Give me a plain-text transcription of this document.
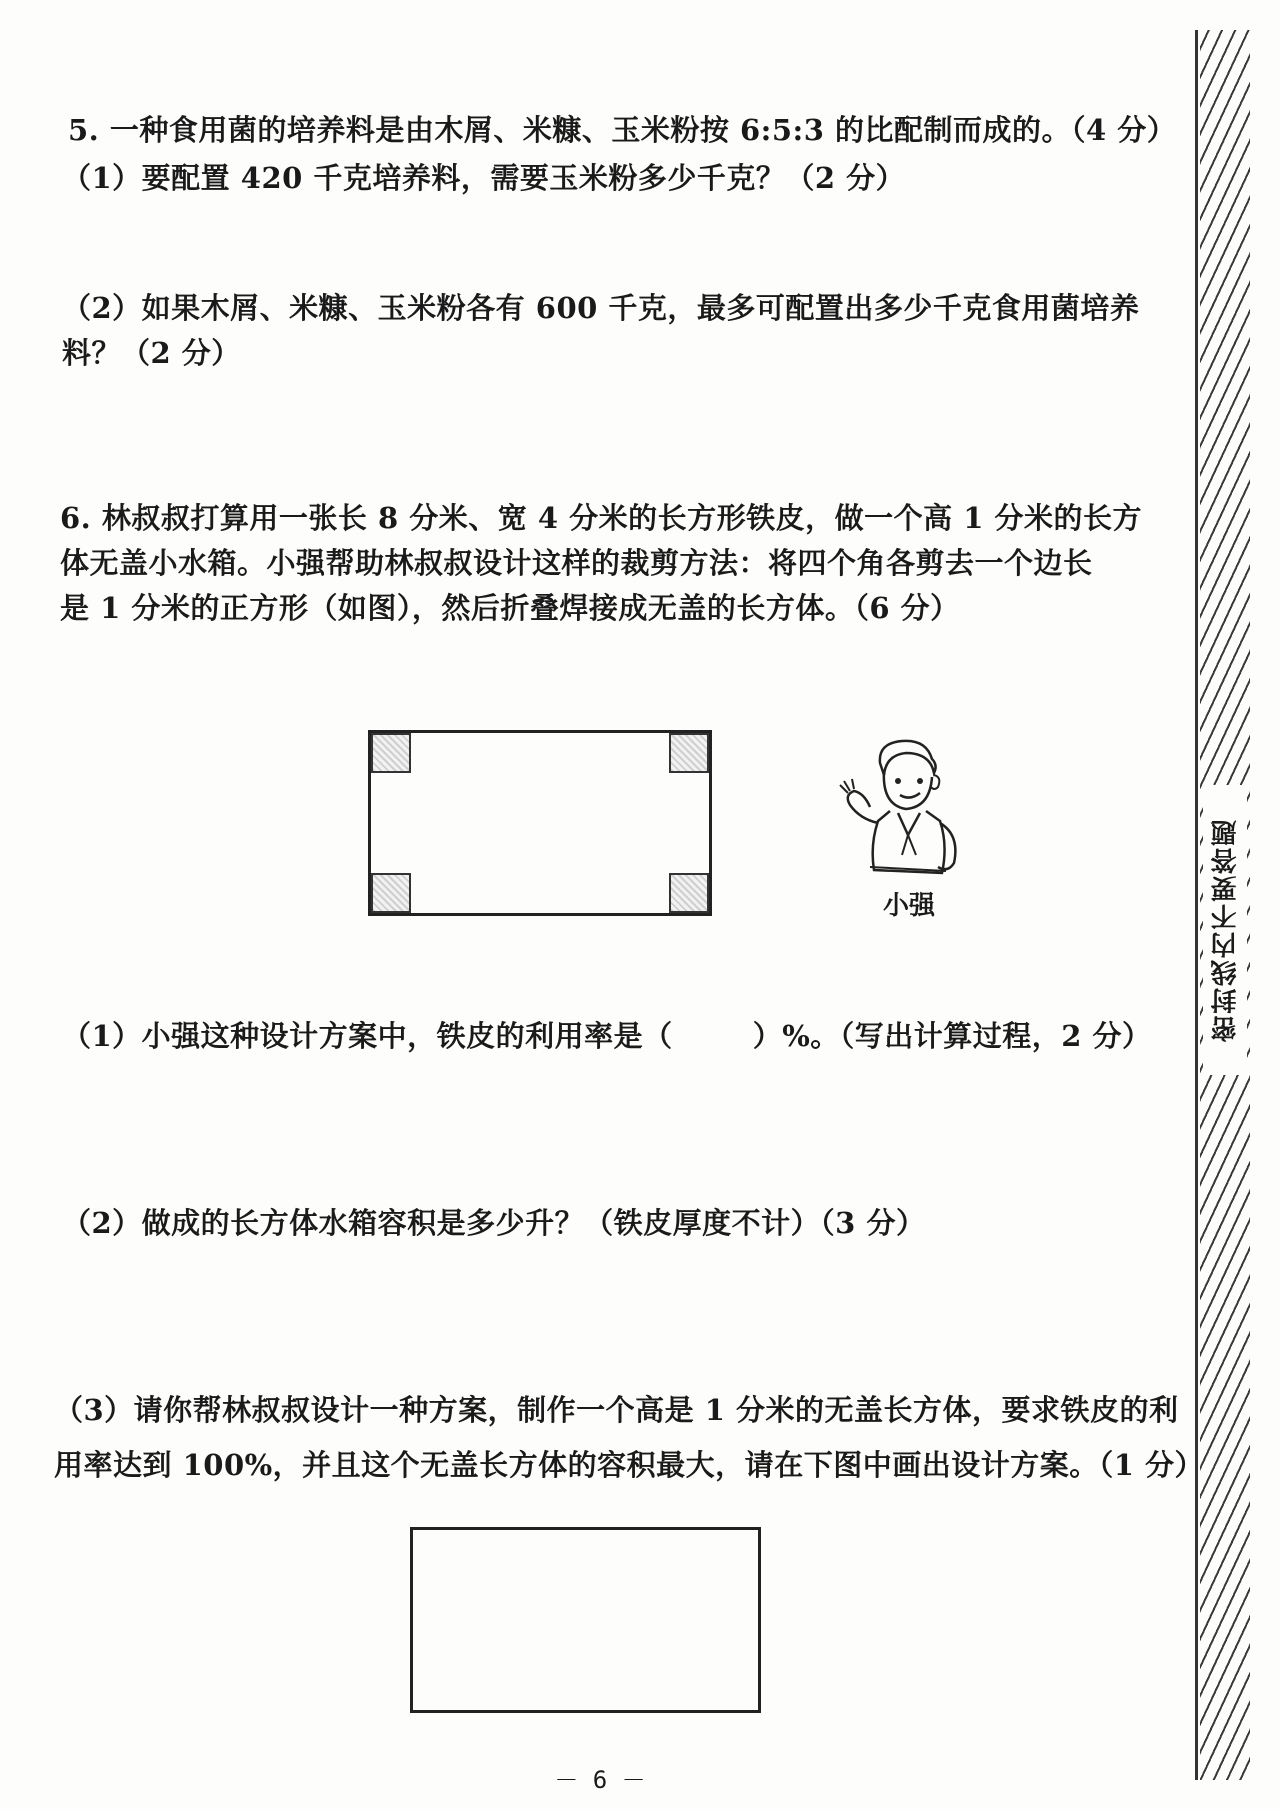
密封线内不要答题
5. 一种食用菌的培养料是由木屑、米糠、玉米粉按 6:5:3 的比配制而成的。（4 分）
（1）要配置 420 千克培养料，需要玉米粉多少千克？（2 分）
（2）如果木屑、米糠、玉米粉各有 600 千克，最多可配置出多少千克食用菌培养
料？（2 分）
6. 林叔叔打算用一张长 8 分米、宽 4 分米的长方形铁皮，做一个高 1 分米的长方
体无盖小水箱。小强帮助林叔叔设计这样的裁剪方法：将四个角各剪去一个边长
是 1 分米的正方形（如图），然后折叠焊接成无盖的长方体。（6 分）
小强
（1）小强这种设计方案中，铁皮的利用率是（	）%。（写出计算过程，2 分）
（2）做成的长方体水箱容积是多少升？（铁皮厚度不计）（3 分）
（3）请你帮林叔叔设计一种方案，制作一个高是 1 分米的无盖长方体，要求铁皮的利
用率达到 100%，并且这个无盖长方体的容积最大，请在下图中画出设计方案。（1 分）
－ 6 －
